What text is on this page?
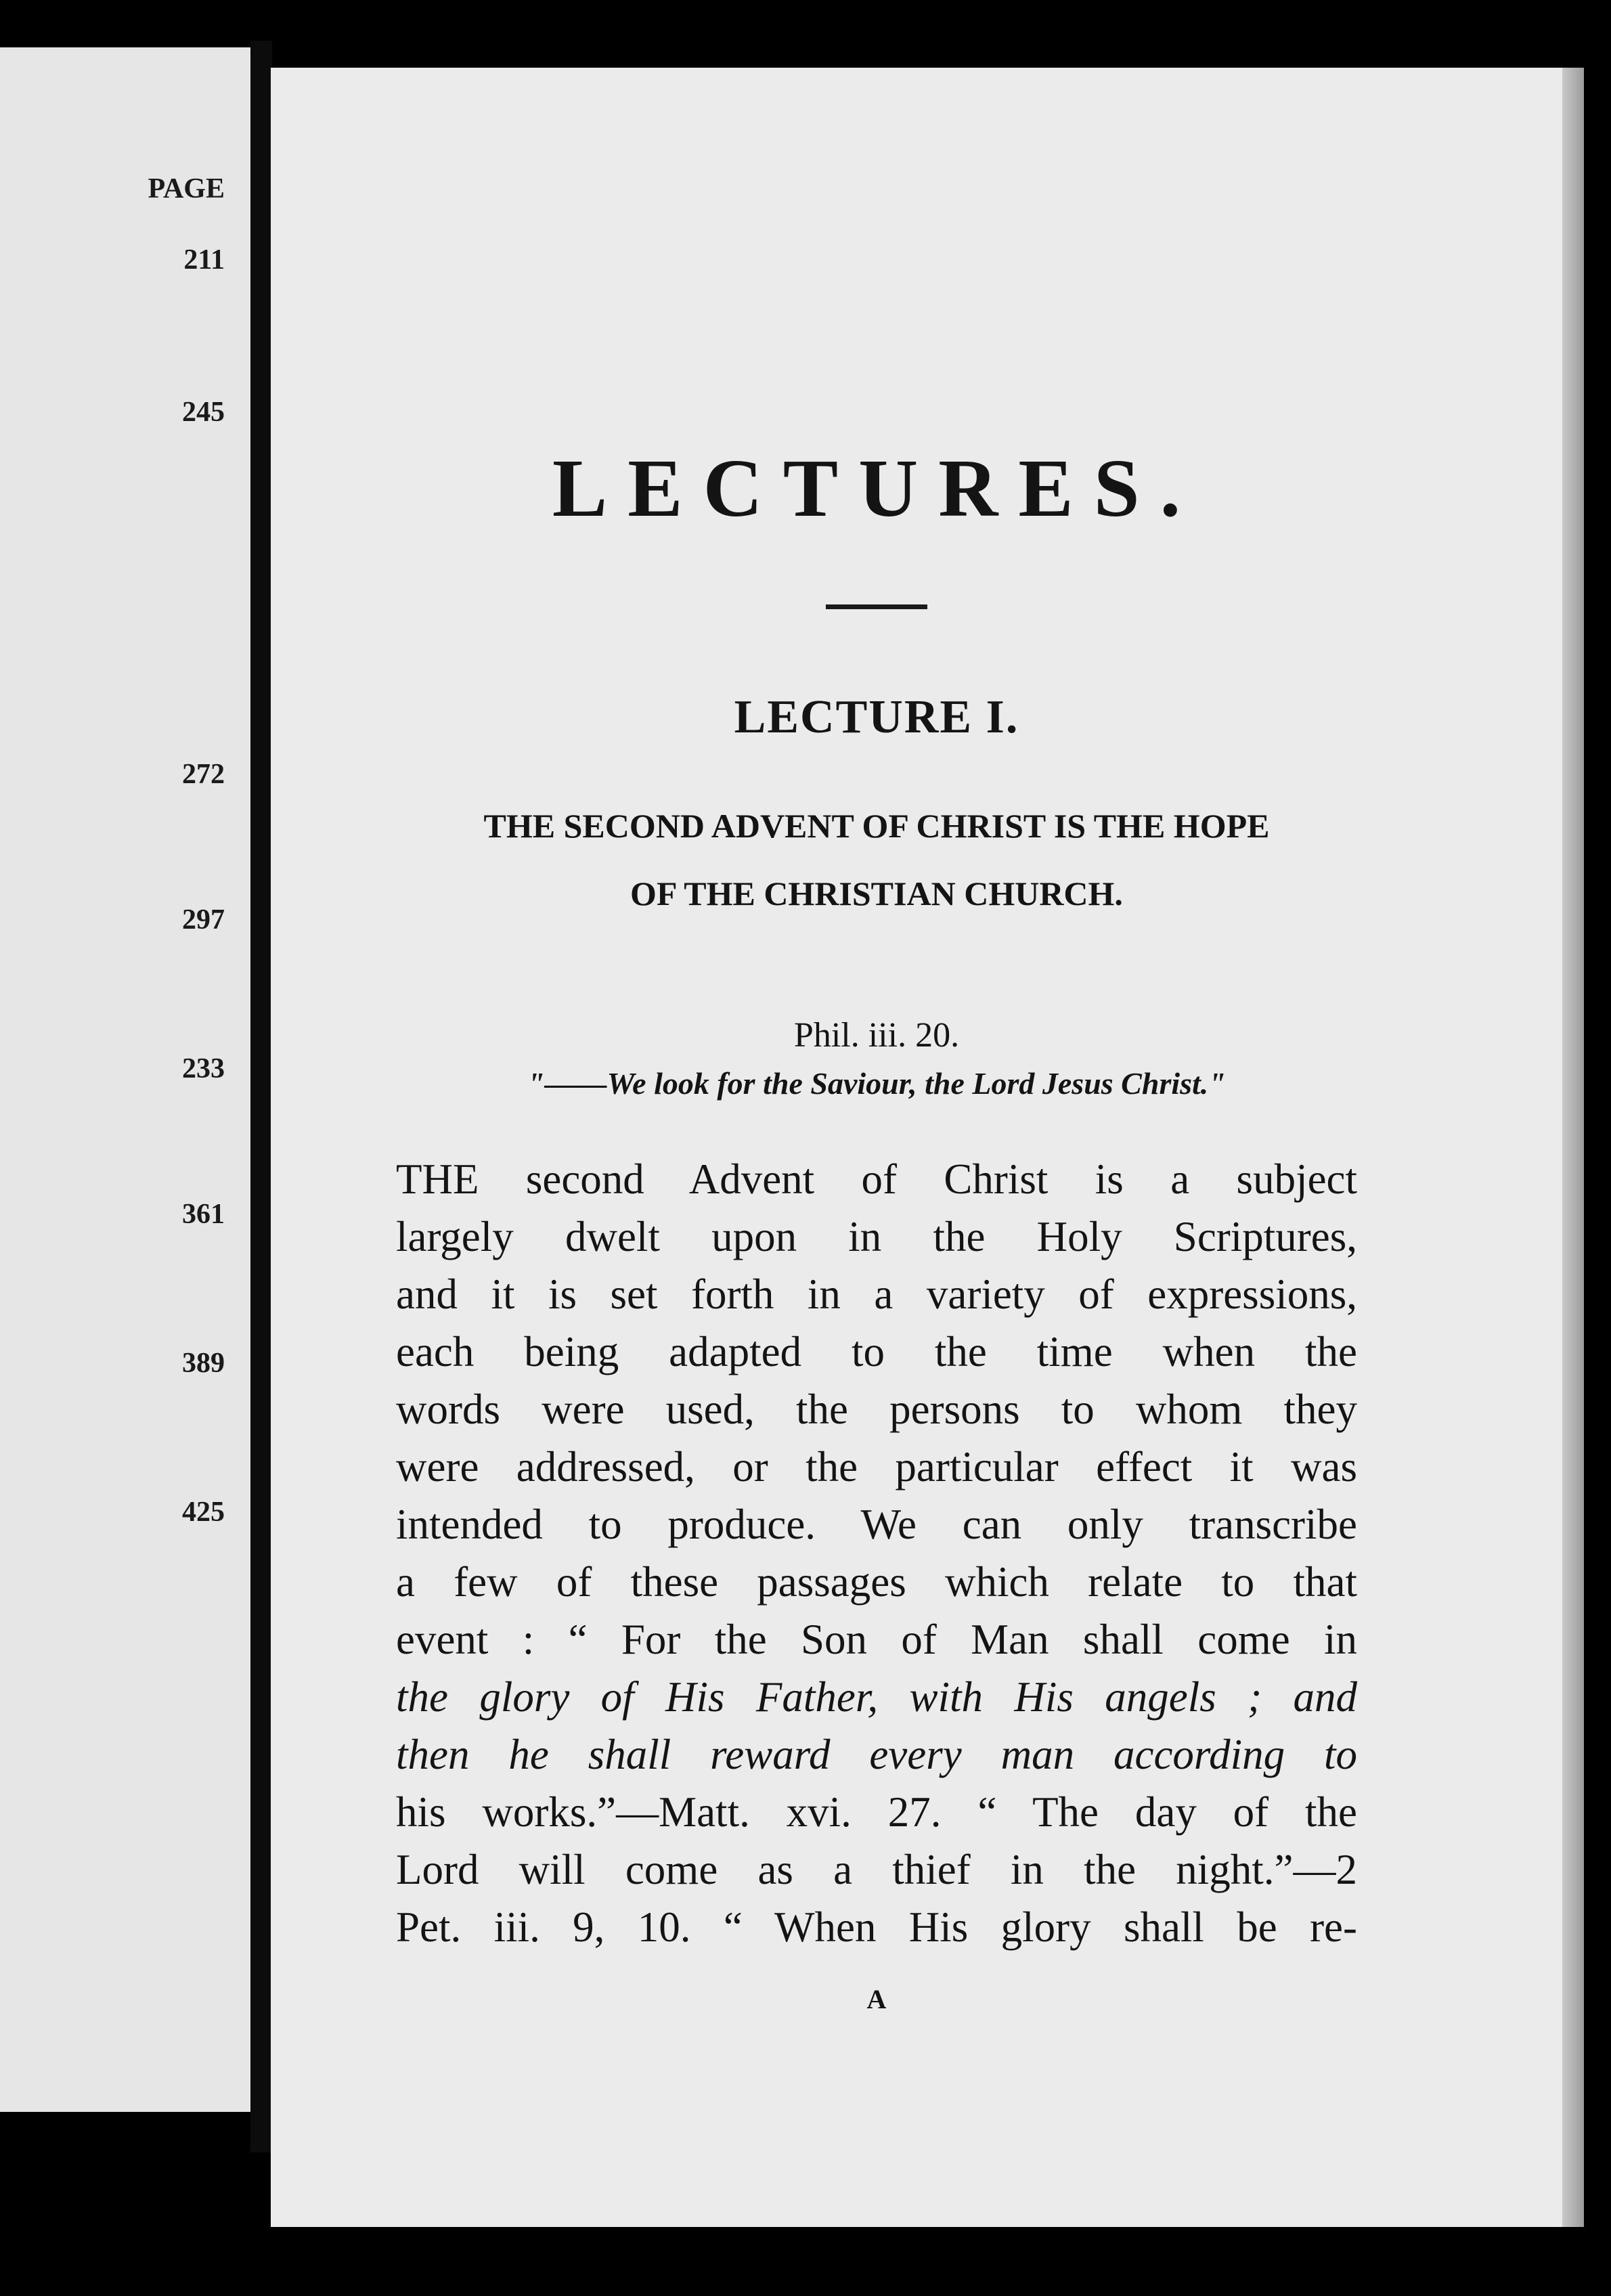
PAGE
211
245
272
297
233
361
389
425
LECTURES.
LECTURE I.

THE SECOND ADVENT OF CHRIST IS THE HOPE
OF THE CHRISTIAN CHURCH.

Phil. iii. 20.

"——We look for the Saviour, the Lord Jesus Christ."

THE second Advent of Christ is a subject
largely dwelt upon in the Holy Scriptures,
and it is set forth in a variety of expressions,
each being adapted to the time when the
words were used, the persons to whom they
were addressed, or the particular effect it was
intended to produce. We can only transcribe
a few of these passages which relate to that
event : “ For the Son of Man shall come in
the glory of His Father, with His angels ; and
then he shall reward every man according to
his works.”—Matt. xvi. 27. “ The day of the
Lord will come as a thief in the night.”—2
Pet. iii. 9, 10. “ When His glory shall be re-

A
